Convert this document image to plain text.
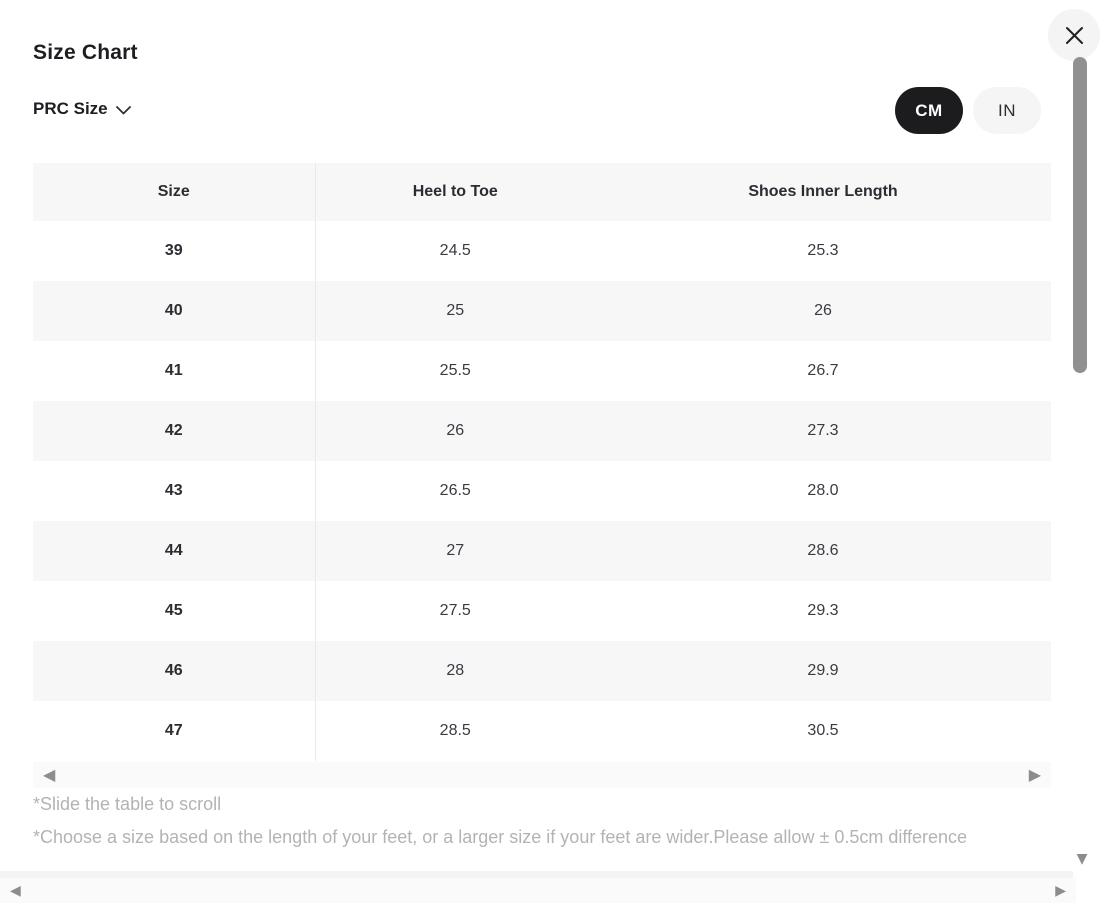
Size Chart
PRC Size	CM	IN
Size	Heel to Toe	Shoes Inner Length
39	24.5	25.3
40	25	26
41	25.5	26.7
42	26	27.3
43	26.5	28.0
44	27	28.6
45	27.5	29.3
46	28	29.9
47	28.5	30.5
◀	▶
*Slide the table to scroll
*Choose a size based on the length of your feet, or a larger size if your feet are wider.Please allow ± 0.5cm difference
◀	▶
▼
